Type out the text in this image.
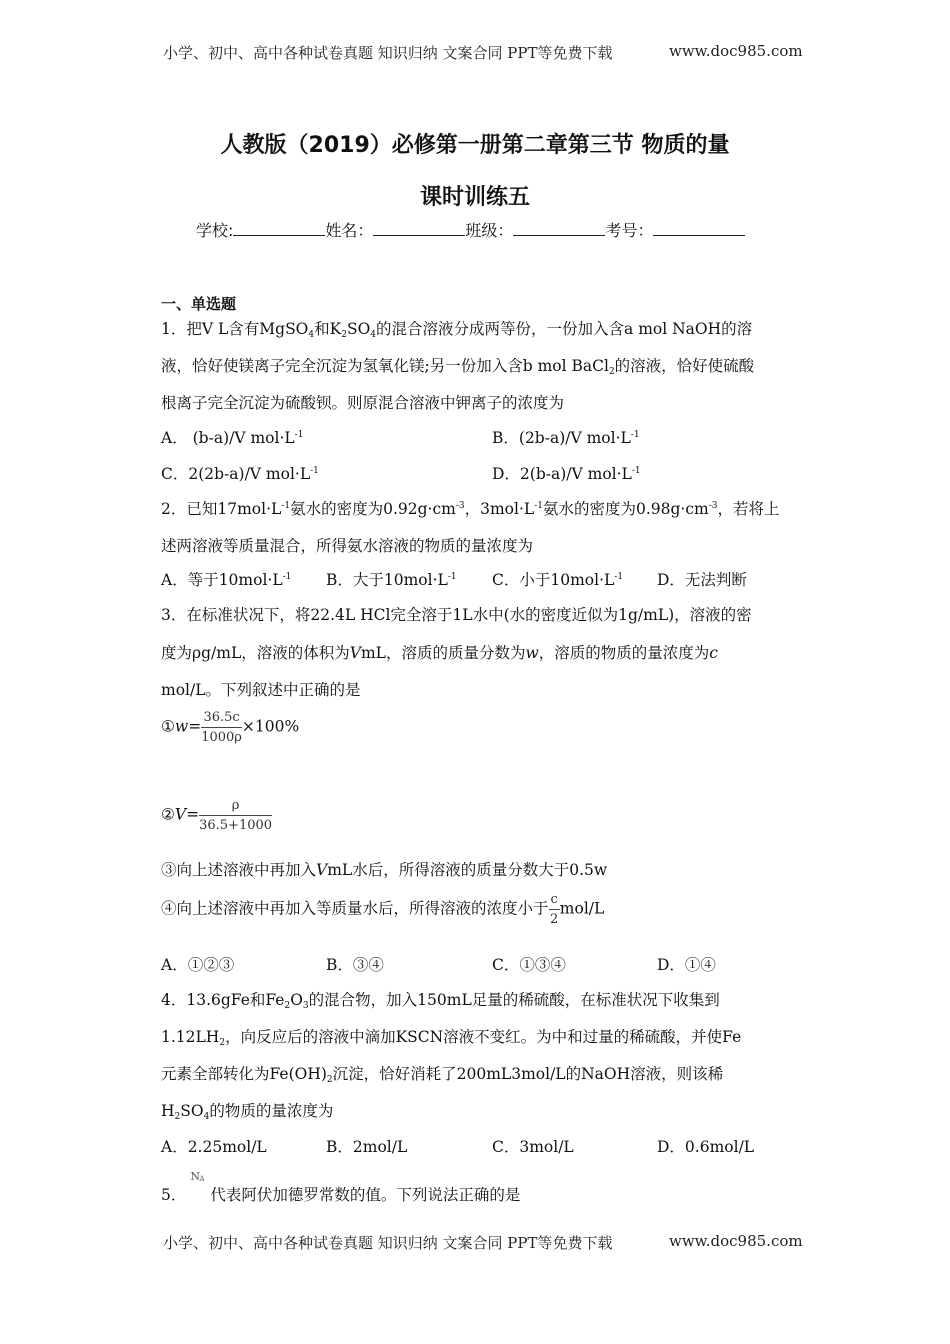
小学、初中、高中各种试卷真题 知识归纳 文案合同 PPT等免费下载	www.doc985.com
人教版（2019）必修第一册第二章第三节 物质的量
课时训练五
学校:	姓名：	班级：	考号：
一、单选题
1．把V L含有MgSO$_4$和$K_2SO_4$的混合溶液分成两等份，一份加入含a mol NaOH的溶
液，恰好使镁离子完全沉淀为氢氧化镁;另一份加入含b mol BaCl$_2$的溶液，恰好使硫酸
根离子完全沉淀为硫酸钡。则原混合溶液中钾离子的浓度为
A． (b-a)/V $mol\cdot L^{-1}$	B．(2b-a)/V $mol\cdot L^{-1}$
C．2(2b-a)/V $mol\cdot L^{-1}$	D．2(b-a)/V $mol\cdot L^{-1}$
2．已知$17mol\cdot L^{-1}$氨水的密度为$0.92g\cdot cm^{-3}$，$3mol\cdot L^{-1}$氨水的密度为$0.98g\cdot cm^{-3}$，若将上
述两溶液等质量混合，所得氨水溶液的物质的量浓度为
A．等于$10mol\cdot L^{-1}$ B．大于$10mol\cdot L^{-1}$ C．小于$10mol\cdot L^{-1}$ D．无法判断
3．在标准状况下，将22.4L HCl完全溶于1L水中(水的密度近似为1g/mL)，溶液的密
度为ρg/mL，溶液的体积为VmL，溶质的质量分数为w，溶质的物质的量浓度为c
mol/L。下列叙述中正确的是
①w= $\frac{36.5c}{1000\rho} \times 100\%$
②V= $\frac{\rho}{36.5+1000}$
③向上述溶液中再加入VmL水后，所得溶液的质量分数大于0.5w
④向上述溶液中再加入等质量水后，所得溶液的浓度小于 $\frac{c}{2} mol/L$
A．①②③	B．③④	C．①③④	D．①④
4．13.6gFe和$Fe_2O_3$的混合物，加入150mL足量的稀硫酸，在标准状况下收集到
$1.12LH_2$，向反应后的溶液中滴加KSCN溶液不变红。为中和过量的稀硫酸，并使Fe
元素全部转化为$Fe(OH)_2$沉淀，恰好消耗了200mL3mol/L的NaOH溶液，则该稀
$H_2SO_4$的物质的量浓度为
A．2.25mol/L	B．2mol/L	C．3mol/L	D．0.6mol/L
5．
N A
代表阿伏加德罗常数的值。下列说法正确的是
小学、初中、高中各种试卷真题 知识归纳 文案合同 PPT等免费下载	www.doc985.com
